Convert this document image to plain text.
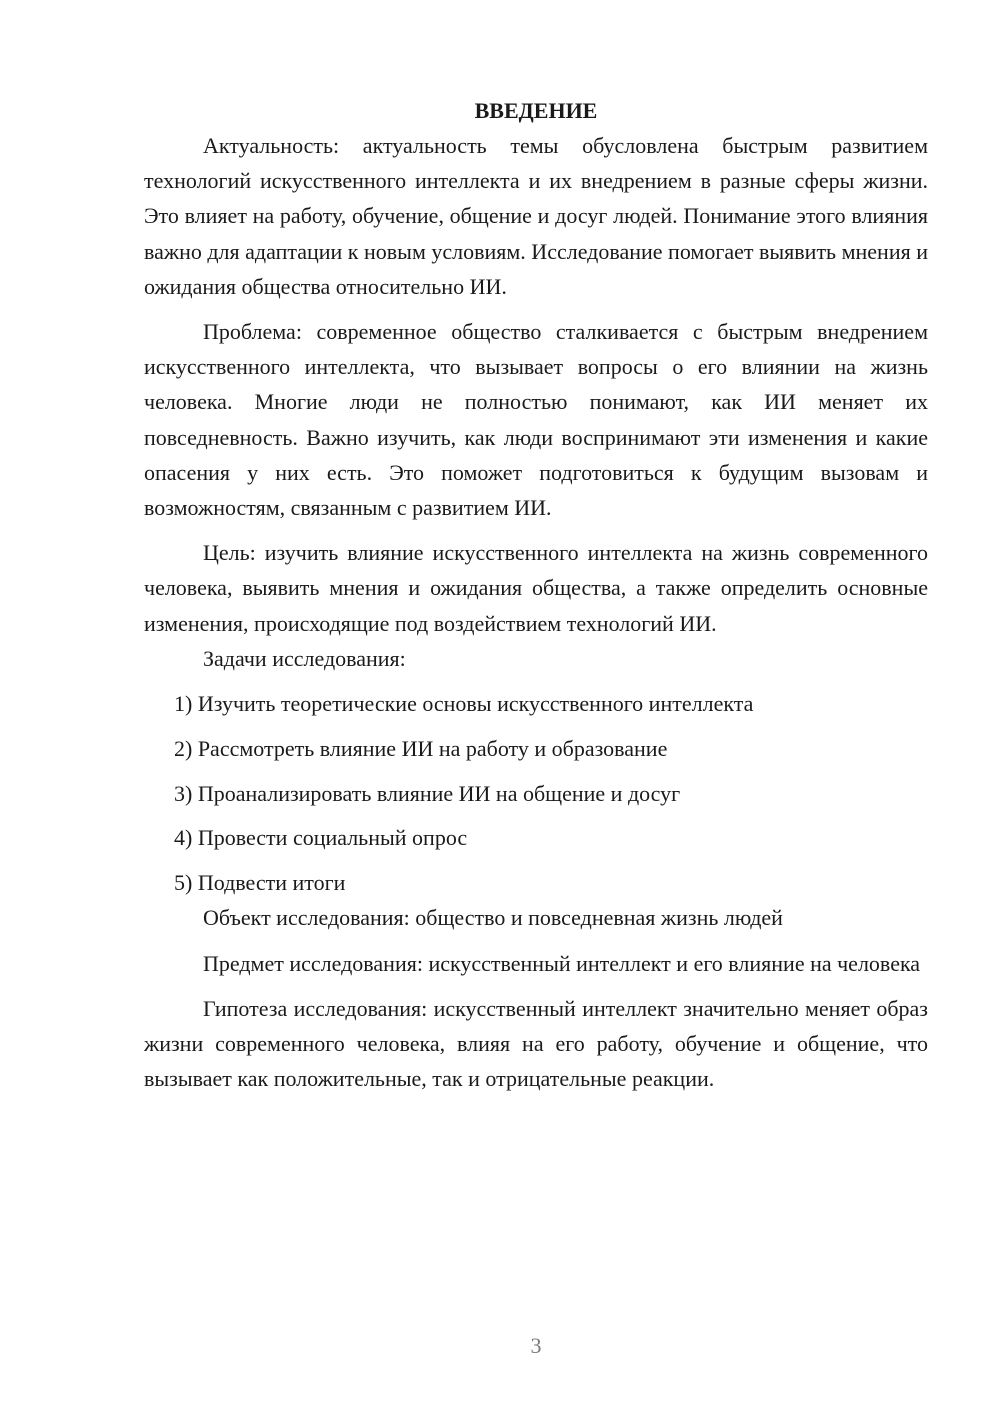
ВВЕДЕНИЕ

Актуальность: актуальность темы обусловлена быстрым развитием технологий искусственного интеллекта и их внедрением в разные сферы жизни. Это влияет на работу, обучение, общение и досуг людей. Понимание этого влияния важно для адаптации к новым условиям. Исследование помогает выявить мнения и ожидания общества относительно ИИ.

Проблема: современное общество сталкивается с быстрым внедрением искусственного интеллекта, что вызывает вопросы о его влиянии на жизнь человека. Многие люди не полностью понимают, как ИИ меняет их повседневность. Важно изучить, как люди воспринимают эти изменения и какие опасения у них есть. Это поможет подготовиться к будущим вызовам и возможностям, связанным с развитием ИИ.

Цель: изучить влияние искусственного интеллекта на жизнь современного человека, выявить мнения и ожидания общества, а также определить основные изменения, происходящие под воздействием технологий ИИ.

Задачи исследования:

1) Изучить теоретические основы искусственного интеллекта
2) Рассмотреть влияние ИИ на работу и образование
3) Проанализировать влияние ИИ на общение и досуг
4) Провести социальный опрос
5) Подвести итоги

Объект исследования: общество и повседневная жизнь людей

Предмет исследования: искусственный интеллект и его влияние на человека

Гипотеза исследования: искусственный интеллект значительно меняет образ жизни современного человека, влияя на его работу, обучение и общение, что вызывает как положительные, так и отрицательные реакции.

3
